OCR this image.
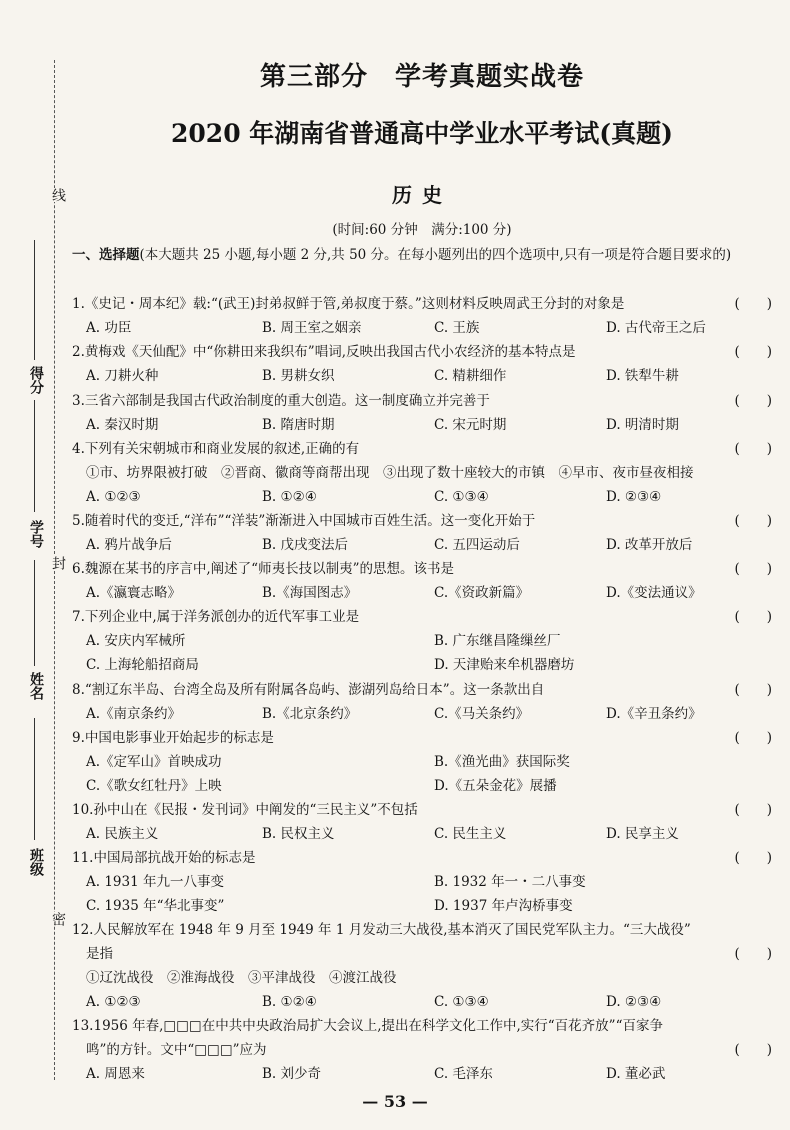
线
封
密
得分
学号
姓名
班级
第三部分　学考真题实战卷
2020 年湖南省普通高中学业水平考试(真题)
历史
(时间:60 分钟　满分:100 分)
一、选择题(本大题共 25 小题,每小题 2 分,共 50 分。在每小题列出的四个选项中,只有一项是符合题目要求的)
1.《史记・周本纪》载:“(武王)封弟叔鲜于管,弟叔度于蔡。”这则材料反映周武王分封的对象是	(　　)
A. 功臣	B. 周王室之姻亲	C. 王族	D. 古代帝王之后
2.黄梅戏《天仙配》中“你耕田来我织布”唱词,反映出我国古代小农经济的基本特点是	(　　)
A. 刀耕火种	B. 男耕女织	C. 精耕细作	D. 铁犁牛耕
3.三省六部制是我国古代政治制度的重大创造。这一制度确立并完善于	(　　)
A. 秦汉时期	B. 隋唐时期	C. 宋元时期	D. 明清时期
4.下列有关宋朝城市和商业发展的叙述,正确的有	(　　)
①市、坊界限被打破　②晋商、徽商等商帮出现　③出现了数十座较大的市镇　④早市、夜市昼夜相接
A. ①②③	B. ①②④	C. ①③④	D. ②③④
5.随着时代的变迁,“洋布”“洋装”渐渐进入中国城市百姓生活。这一变化开始于	(　　)
A. 鸦片战争后	B. 戊戌变法后	C. 五四运动后	D. 改革开放后
6.魏源在某书的序言中,阐述了“师夷长技以制夷”的思想。该书是	(　　)
A.《瀛寰志略》	B.《海国图志》	C.《资政新篇》	D.《变法通议》
7.下列企业中,属于洋务派创办的近代军事工业是	(　　)
A. 安庆内军械所	B. 广东继昌隆缫丝厂
C. 上海轮船招商局	D. 天津贻来牟机器磨坊
8.“割辽东半岛、台湾全岛及所有附属各岛屿、澎湖列岛给日本”。这一条款出自	(　　)
A.《南京条约》	B.《北京条约》	C.《马关条约》	D.《辛丑条约》
9.中国电影事业开始起步的标志是	(　　)
A.《定军山》首映成功	B.《渔光曲》获国际奖
C.《歌女红牡丹》上映	D.《五朵金花》展播
10.孙中山在《民报・发刊词》中阐发的“三民主义”不包括	(　　)
A. 民族主义	B. 民权主义	C. 民生主义	D. 民享主义
11.中国局部抗战开始的标志是	(　　)
A. 1931 年九一八事变	B. 1932 年一・二八事变
C. 1935 年“华北事变”	D. 1937 年卢沟桥事变
12.人民解放军在 1948 年 9 月至 1949 年 1 月发动三大战役,基本消灭了国民党军队主力。“三大战役”
是指	(　　)
①辽沈战役　②淮海战役　③平津战役　④渡江战役
A. ①②③	B. ①②④	C. ①③④	D. ②③④
13.1956 年春,□□□在中共中央政治局扩大会议上,提出在科学文化工作中,实行“百花齐放”“百家争
鸣”的方针。文中“□□□”应为	(　　)
A. 周恩来	B. 刘少奇	C. 毛泽东	D. 董必武
— 53 —
